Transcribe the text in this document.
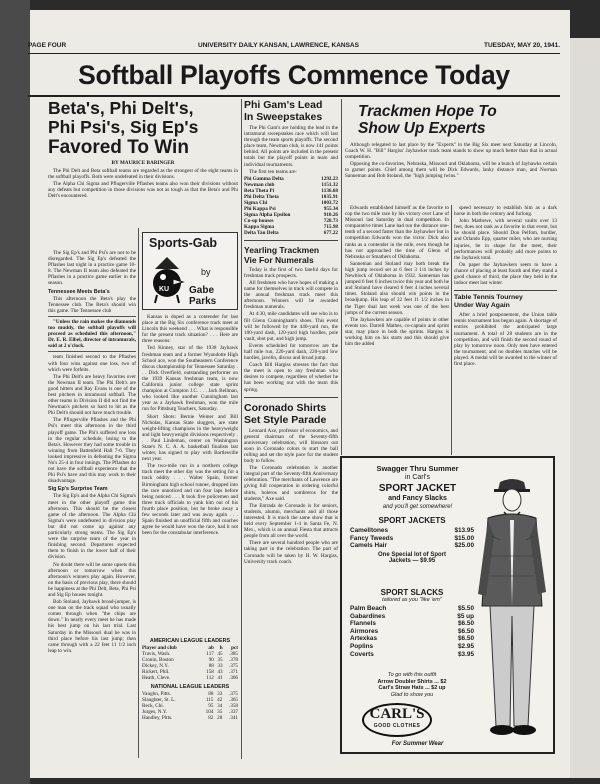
PAGE FOUR	UNIVERSITY DAILY KANSAN, LAWRENCE, KANSAS	TUESDAY, MAY 20, 1941.
Softball Playoffs Commence Today
Beta's, Phi Delt's,
Phi Psi's, Sig Ep's
Favored To Win
BY MAURICE BARINGER

The Phi Delt and Beta softball teams are regarded as the strongest of the eight teams in the softball playoffs. Both were undefeated in their divisions.

The Alpha Chi Sigma and Pflugerville Pflashes teams also won their divisions without any defeats but competition in those divisions was not as tough as that the Beta's and Phi Delt's encountered.

The Sig Ep's and Phi Psi's are not to be disregarded. The Sig Ep's defeated the Pflashes last night in a practice game 10-8. The Newman II team also defeated the Pflashes in a practice game earlier in the season.

Tennessee Meets Beta's

This afternoon the Beta's play the Tennessee club. The Beta's should win this game. The Tennessee club

"Unless the rain makes the diamonds too muddy, the softball playoffs will proceed as scheduled this afternoon," Dr. E. R. Elbel, director of intramurals, said at 2 o'clock.

team finished second to the Pflashes with four wins against one loss, two of which were forfeits.

The Phi Delt's are heavy favorites over the Newman II team. The Phi Delt's are good hitters and Ray Evans is one of the best pitchers in intramural softball. The other teams in Division II did not find the Newman's pitchers so hard to hit as the Phi Delt's should not have much trouble.

The Pflugerville Pflashes and the Phi Psi's meet this afternoon in the third playoff game. The Phi's suffered one loss in the regular schedule, losing to the Beta's. However they had some trouble in winning from Battenfeld Hall 7-6. They looked impressive in defeating the Sigma Nu's 25-4 in four innings. The Pflashes do not have the softball experience that the Phi Psi's have and this may work to their disadvantage.

Sig Ep's Surprise Team

The Sig Ep's and the Alpha Chi Sigma's meet in the other playoff game this afternoon. This should be the closest game of the afternoon. The Alpha Chi Sigma's were undefeated in division play but did not come up against any particularly strong teams. The Sig Ep's were the surprise team of the year in finishing second. Departures expected them to finish in the lower half of their division.

No doubt there will be some upsets this afternoon or tomorrow when this afternoon's winners play again. However, on the basis of previous play, there should be happiness at the Phi Delt, Beta, Phi Psi and Sig Ep houses tonight.

Bob Stoland, Jayhawk broad-jumper, is one man on the track squad who usually comes through when "the chips are down." In nearly every meet he has made his best jump on his last trial. Last Saturday in the Missouri dual he was in third place before his last jump; then came through with a 22 feet 11 1/2 inch leap to win.

Sports-Gab
KU
by
Gabe Parks

Kansas is doped as a contender for last place at the Big Six conference track meet at Lincoln this weekend . . . What is responsible for the present track situation? . . . Here are three reasons:

Ted Kinney, star of the 1938 Jayhawk freshman team and a former Wyandotte High School ace, won the Southeastern Conference discus championship for Tennessee Saturday . . . Dick Overfield, outstanding performer on the 1939 Kansas freshman team, is now California junior college state sprint champion at Compton J.C. . . . Jack Bellman, who looked like another Cunningham last year as a Jayhawk freshman, won the mile run for Pittsburg Teachers, Saturday.

Short Shots: Bernie Weiner and Bill Nicholas, Kansas State sluggers, are state weight-lifting champions in the heavyweight and light heavyweight divisions respectively . . . Paul Lindeman, center on Washington State's N. C. A. A. basketball finalists last winter, has signed to play with Bartlesville next year.

The two-mile run in a northern college track meet the other day was the setting for a track oddity . . . Walter Spain, former Birmingham high school runner, dropped into the race unnoticed and ran four laps before being noticed . . . It took five policemen and three track officials to yank him out of his fourth place position, but he broke away a few seconds later and was away again . . . Spain finished an unofficial fifth and coaches agree he would have won the race, had it not been for the constabular interference.

AMERICAN LEAGUE LEADERS
Player and club	ab	h	pct
Travis, Wash.	117	45	.385
Cronin, Boston	90	35	.378
Dickey, N.Y.	88	33	.375
Rickert, Phil.	158	43	.371
Heath, Cleve.	112	41	.366
NATIONAL LEAGUE LEADERS
Vaughn, Pitts.	88	33	.375
Slaughter, St. L.	115	42	.365
Reck, Chi.	95	34	.358
Jurges, N.Y.	104	35	.337
Handley, Pitts.	82	28	.341
Phi Gam's Lead
In Sweepstakes

The Phi Gam's are holding the lead in the intramural sweepstakes race which will last through the team sports playoffs. The second place team, Newman club, is now 141 points behind. All points are included in the present totals but the playoff points in team and individual tournaments.

The first ten teams are:

Phi Gamma Delta	1292.23
Newman club	1151.32
Beta Theta Pi	1136.68
Phi Delta Theta	1035.91
Sigma Chi	1003.72
Phi Kappa Psi	955.34
Sigma Alpha Epsilon	910.26
Co-op houses	728.73
Kappa Sigma	715.98
Delta Tau Delta	677.22
Yearling Trackmen
Vie For Numerals

Today is the first of two fateful days for freshman track prospects.

All freshmen who have hopes of making a name for themselves in track will compete in the annual freshman track meet this afternoon. Winners will be awarded freshman numerals.

At 4:30, mile candidates will see who is to fill Glenn Cunningham's shoes. This event will be followed by the 440-yard run, the 100-yard dash, 120-yard high hurdles, pole vault, shot put, and high jump.

Events scheduled for tomorrow are the half mile run, 220-yard dash, 220-yard low hurdles, javelin, discus and broad jump.

Coach Bill Hargiss stresses the fact that the meet is open to any freshman who desires to compete, regardless of whether he has been working out with the team this spring.

Coronado Shirts
Set Style Parade

Leonard Axe, professor of economics, and general chairman of the Seventy-fifth anniversary celebration, will blossom out soon in Coronado colors to start the ball rolling and set the style pace for the student body to follow.

The Coronado celebration is another integral part of the Seventy-fifth Anniversary celebration. "The merchants of Lawrence are giving full cooperation in ordering colorful shirts, boleros and sombreros for the students," Axe said.

The Entrada de Coronado is for seniors, students, alumni, merchants and all those interested. It is much the same show that is held every September 1-4 in Santa Fe, N. Mex., which is an annual Fiesta that attracts people from all over the world.

There are several hundred people who are taking part in the celebration. The part of Coronado will be taken by H. W. Hargiss, University track coach.

Trackmen Hope To
Show Up Experts

Although relegated to last place by the "Experts" in the Big Six meet next Saturday at Lincoln, Coach W. H. "Bill" Hargiss' Jayhawker track team stands to show up much better than that in actual competition.

Opposing the co-favorites, Nebraska, Missouri and Oklahoma, will be a bunch of Jayhawks certain to garner points. Chief among them will be Dick Edwards, lanky distance man, and Norman Sanneman and Bob Stoland, the "high jumping twins."

Edwards established himself as the favorite to cop the two mile race by his victory over Lane of Missouri last Saturday in dual competition. In comparative times Lane had run the distance one-tenth of a second faster than the Jayhawker but in competition Edwards won the victor. Dick also ranks as a contender in the mile, even though he has not approached the time of Glenn of Nebraska or Smathers of Oklahoma.

Sanneman and Stoland may both break the high jump record set at 6 feet 3 1/4 inches by Newblock of Oklahoma in 1932. Sanneman has jumped 6 feet 6 inches twice this year and both he and Stoland have cleared 6 feet 4 inches several times. Stoland also should win points in the broadjump. His leap of 22 feet 11 1/2 inches in the Tiger dual last week was one of the best jumps of the current season.

The Jayhawkers are capable of points in other events too. Darrell Mathes, co-captain and sprint star, may place in both the sprints. Hargiss is working him on his starts and this should give him the added

speed necessary to establish him as a dark horse in both the century and furlong.

John Mathewe, with several vaults over 13 feet, does not rank as a favorite in that event, but he should place. Should Don Pelfom, hurdler, and Orlando Epp, quarter miler, who are nursing injuries, be in shape for the meet, their performances will probably add more points to the Jayhawk total.

On paper the Jayhawkers seem to have a chance of placing at least fourth and they stand a good chance of third, the place they held in the indoor meet last winter.

Table Tennis Tourney
Under Way Again

After a brief postponement, the Union table tennis tournament has begun again. A shortage of entries prohibited the anticipated large tournament. A total of 28 students are in the competition, and will finish the second round of play by tomorrow noon. Only men have entered the tournament, and no doubles matches will be played. A medal will be awarded to the winner of first place.

Swagger Thru Summer
in Carl's
SPORT JACKET
and Fancy Slacks
and you'll get somewhere!
SPORT JACKETS
Camelltones	$13.95
Fancy Tweeds	$15.00
Camels Hair	$25.00
One Special lot of Sport
Jackets — $9.95
SPORT SLACKS
tailored as you "like 'em"
Palm Beach	$5.50
Gabardines	$5 up
Flannels	$6.50
Airmores	$6.50
Artexkas	$6.50
Poplins	$2.95
Coverts	$3.95
To go with this outfit
Arrow Doubler Shirts ... $2
Carl's Straw Hats ... $2 up
Glad to show you
CARL'S
GOOD CLOTHES
For Summer Wear
